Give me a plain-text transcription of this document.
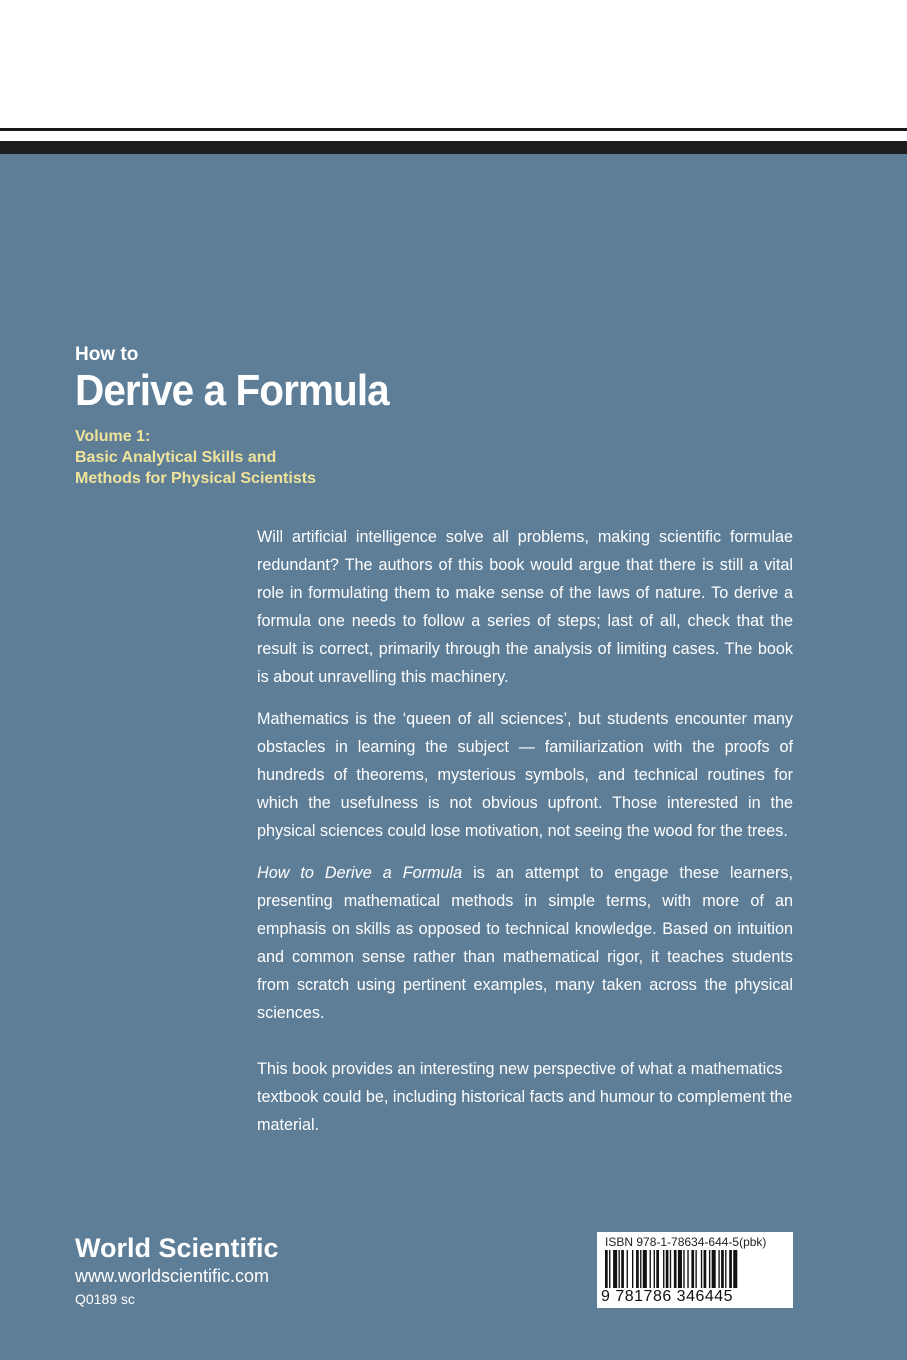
How to

Derive a Formula

Volume 1:
Basic Analytical Skills and
Methods for Physical Scientists

Will artificial intelligence solve all problems, making scientific formulae redundant? The authors of this book would argue that there is still a vital role in formulating them to make sense of the laws of nature. To derive a formula one needs to follow a series of steps; last of all, check that the result is correct, primarily through the analysis of limiting cases. The book is about unravelling this machinery.

Mathematics is the ‘queen of all sciences’, but students encounter many obstacles in learning the subject — familiarization with the proofs of hundreds of theorems, mysterious symbols, and technical routines for which the usefulness is not obvious upfront. Those interested in the physical sciences could lose motivation, not seeing the wood for the trees.

How to Derive a Formula is an attempt to engage these learners, presenting mathematical methods in simple terms, with more of an emphasis on skills as opposed to technical knowledge. Based on intuition and common sense rather than mathematical rigor, it teaches students from scratch using pertinent examples, many taken across the physical sciences.

This book provides an interesting new perspective of what a mathematics textbook could be, including historical facts and humour to complement the material.

World Scientific

www.worldscientific.com

Q0189 sc

ISBN 978-1-78634-644-5(pbk)
9 781786 346445
